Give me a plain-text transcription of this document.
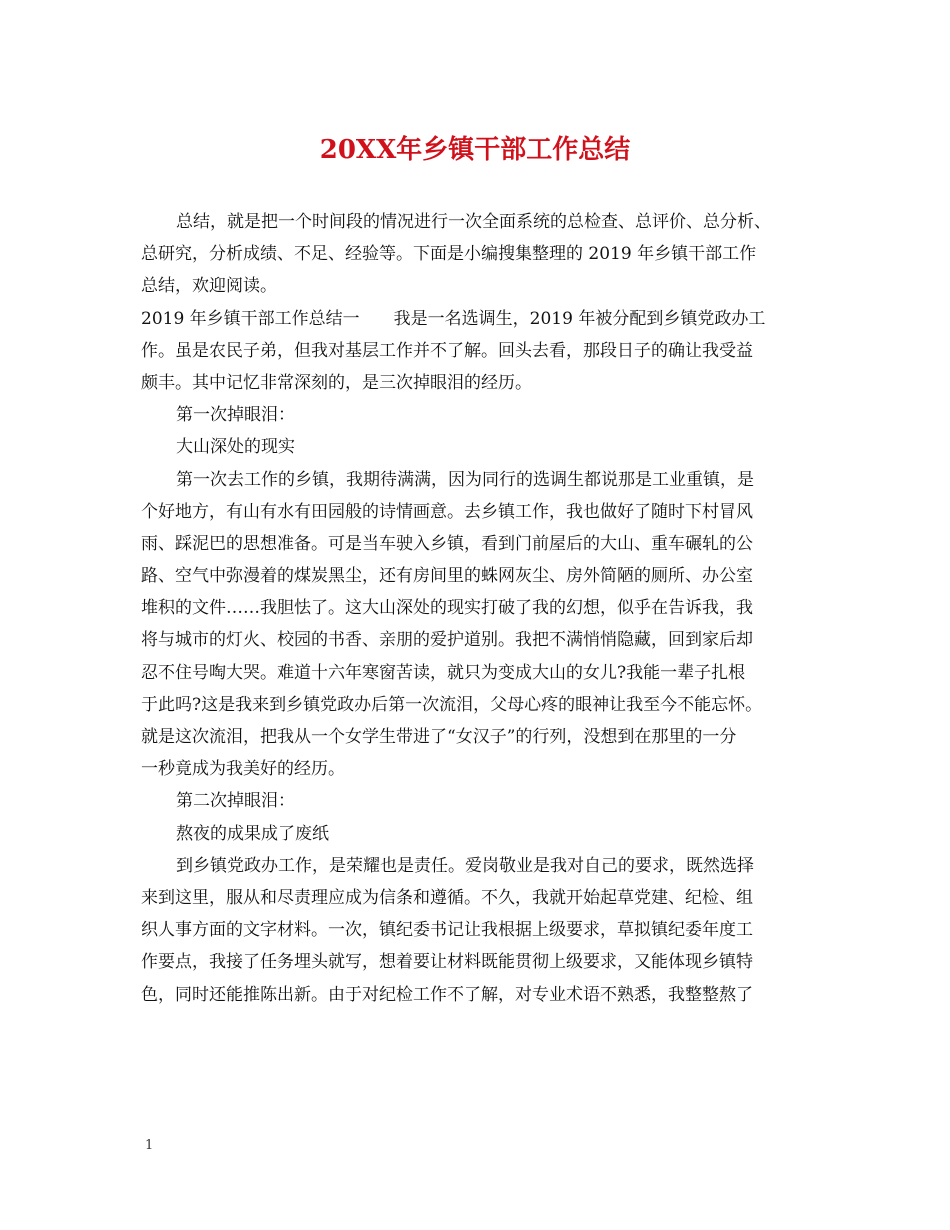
20XX年乡镇干部工作总结

总结，就是把一个时间段的情况进行一次全面系统的总检查、总评价、总分析、

总研究，分析成绩、不足、经验等。下面是小编搜集整理的 2019 年乡镇干部工作

总结，欢迎阅读。

2019 年乡镇干部工作总结一　　我是一名选调生，2019 年被分配到乡镇党政办工

作。虽是农民子弟，但我对基层工作并不了解。回头去看，那段日子的确让我受益

颇丰。其中记忆非常深刻的，是三次掉眼泪的经历。

第一次掉眼泪：

大山深处的现实

第一次去工作的乡镇，我期待满满，因为同行的选调生都说那是工业重镇，是

个好地方，有山有水有田园般的诗情画意。去乡镇工作，我也做好了随时下村冒风

雨、踩泥巴的思想准备。可是当车驶入乡镇，看到门前屋后的大山、重车碾轧的公

路、空气中弥漫着的煤炭黑尘，还有房间里的蛛网灰尘、房外简陋的厕所、办公室

堆积的文件……我胆怯了。这大山深处的现实打破了我的幻想，似乎在告诉我，我

将与城市的灯火、校园的书香、亲朋的爱护道别。我把不满悄悄隐藏，回到家后却

忍不住号啕大哭。难道十六年寒窗苦读，就只为变成大山的女儿?我能一辈子扎根

于此吗?这是我来到乡镇党政办后第一次流泪，父母心疼的眼神让我至今不能忘怀。

就是这次流泪，把我从一个女学生带进了“女汉子”的行列，没想到在那里的一分

一秒竟成为我美好的经历。

第二次掉眼泪：

熬夜的成果成了废纸

到乡镇党政办工作，是荣耀也是责任。爱岗敬业是我对自己的要求，既然选择

来到这里，服从和尽责理应成为信条和遵循。不久，我就开始起草党建、纪检、组

织人事方面的文字材料。一次，镇纪委书记让我根据上级要求，草拟镇纪委年度工

作要点，我接了任务埋头就写，想着要让材料既能贯彻上级要求，又能体现乡镇特

色，同时还能推陈出新。由于对纪检工作不了解，对专业术语不熟悉，我整整熬了

1
